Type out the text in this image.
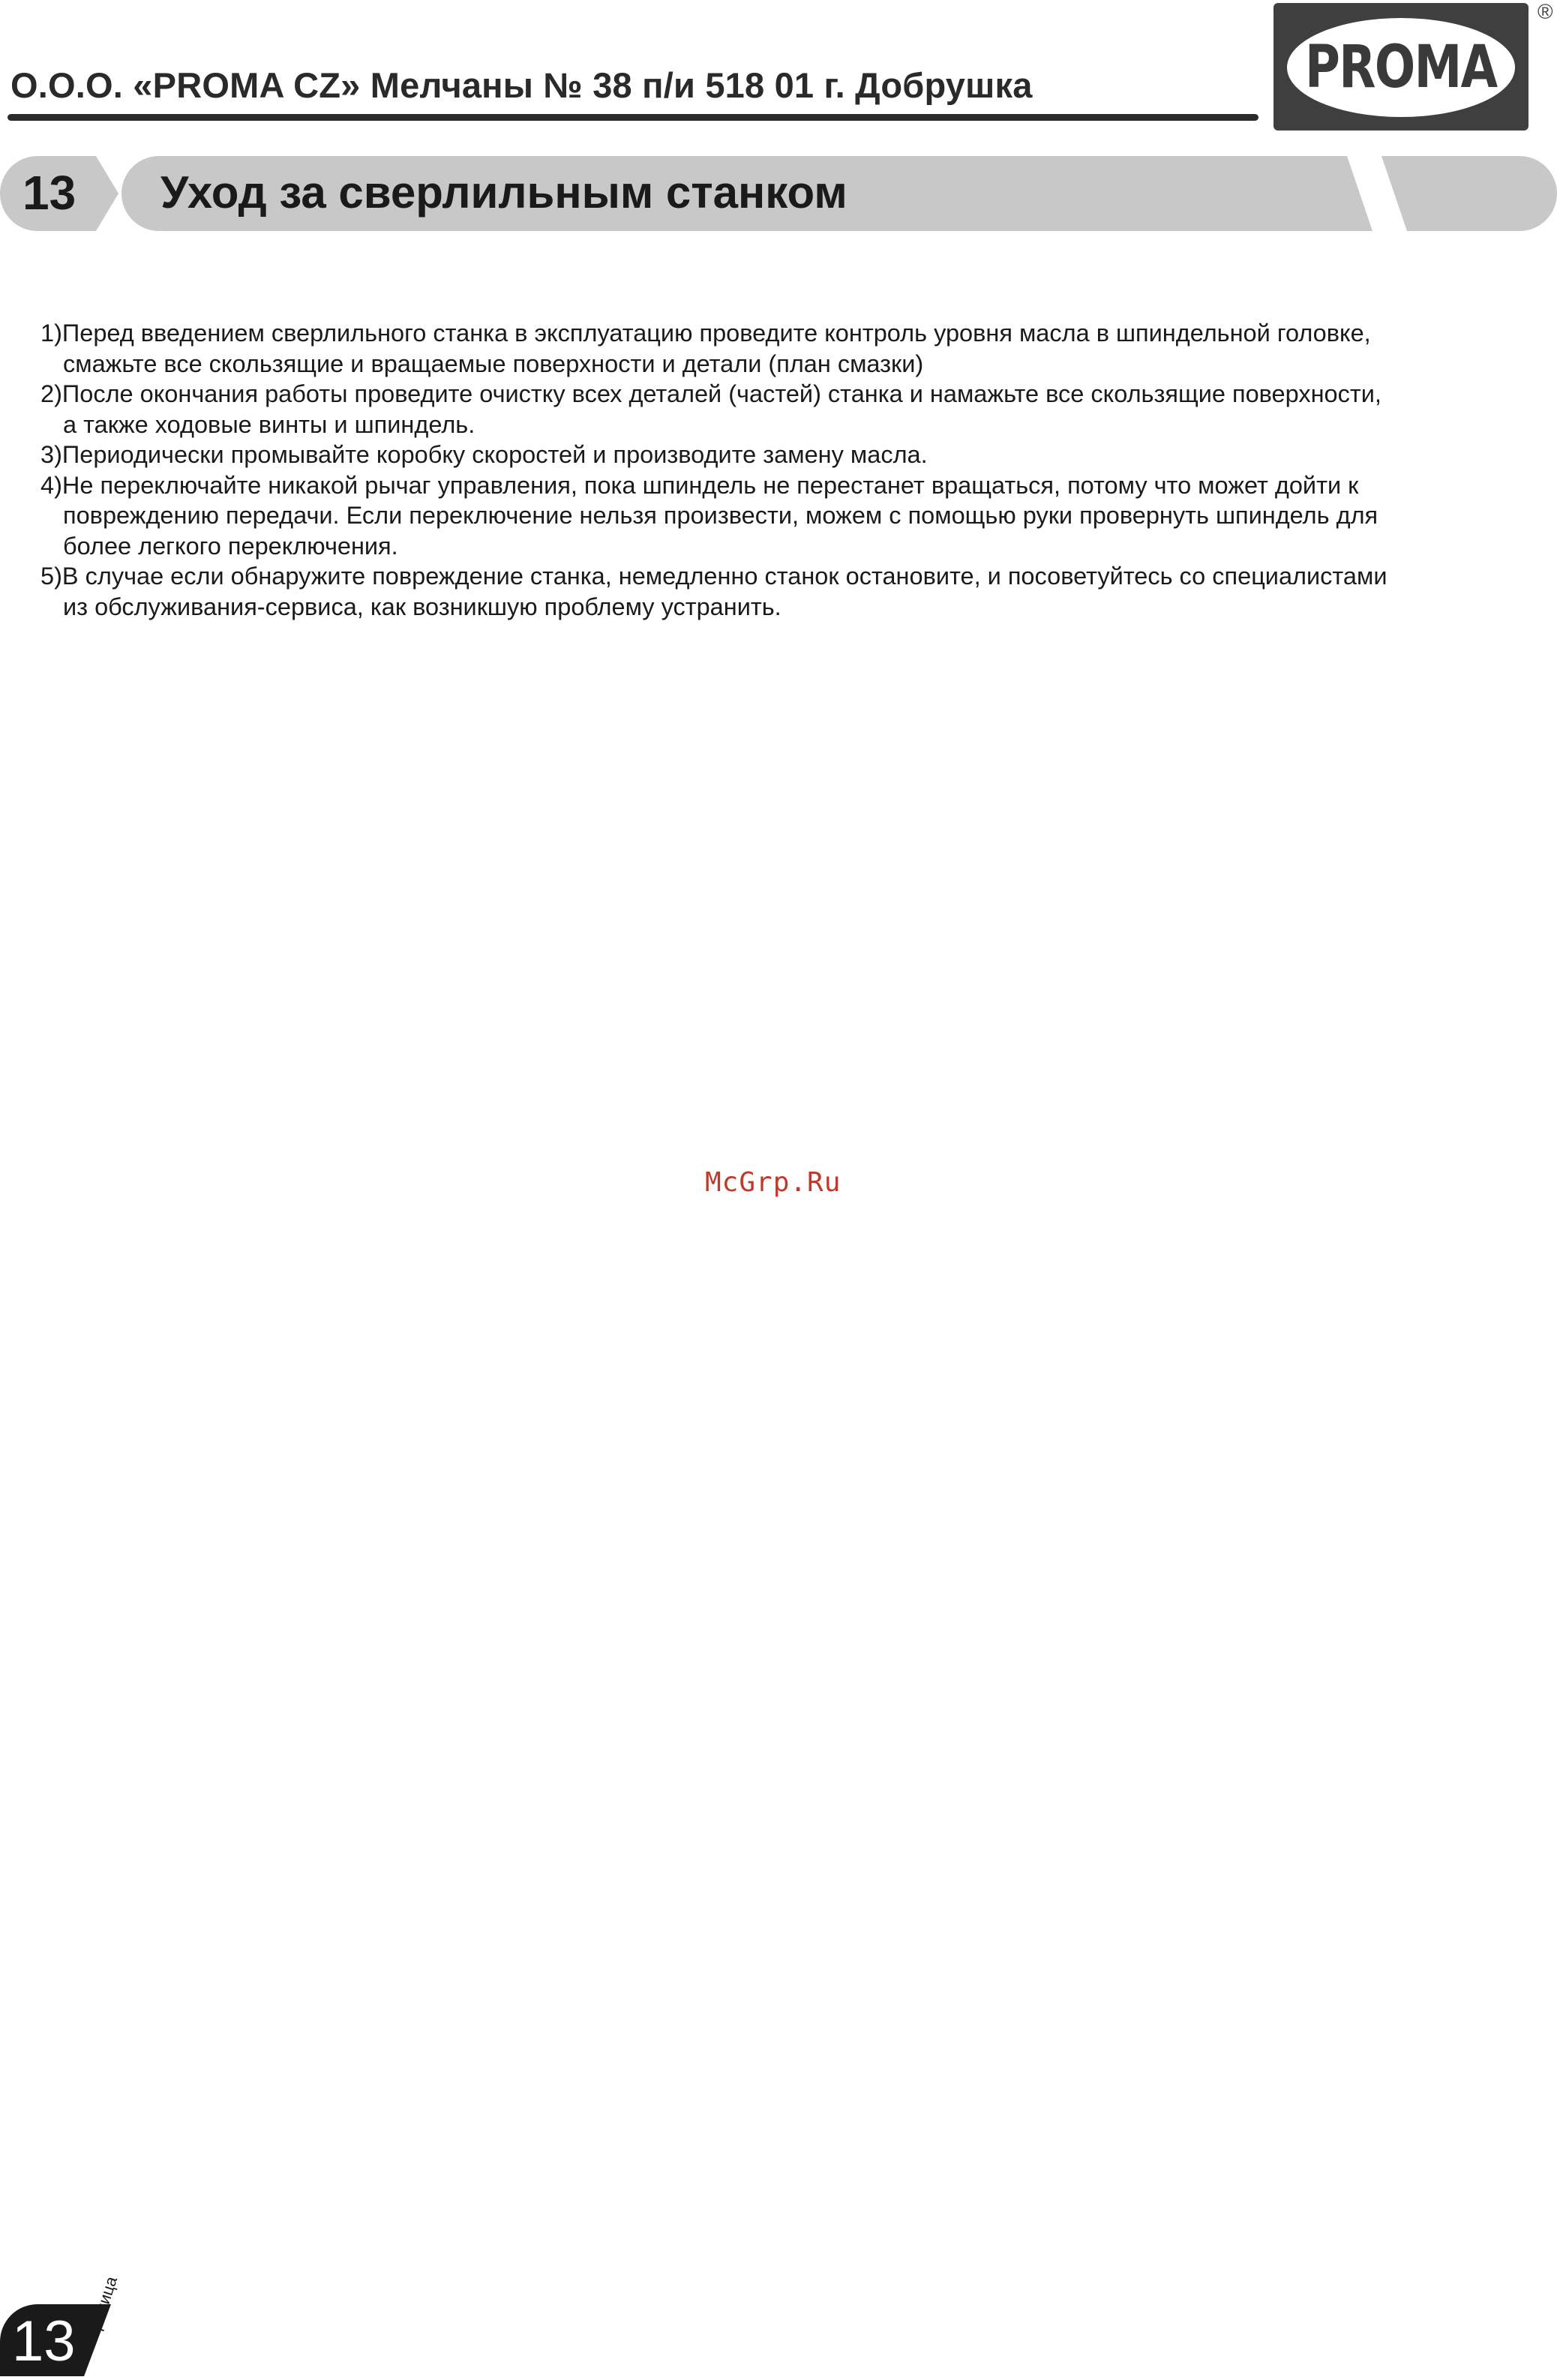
О.О.О. «PROMA CZ» Мелчаны № 38 п/и 518 01 г. Добрушка	PROMA
®
13 Уход за сверлильным станком
1)Перед введением сверлильного станка в эксплуатацию проведите контроль уровня масла в шпиндельной головке,
смажьте все скользящие и вращаемые поверхности и детали (план смазки)
2)После окончания работы проведите очистку всех деталей (частей) станка и намажьте все скользящие поверхности,
а также ходовые винты и шпиндель.
3)Периодически промывайте коробку скоростей и производите замену масла.
4)Не переключайте никакой рычаг управления, пока шпиндель не перестанет вращаться, потому что может дойти к
повреждению передачи. Если переключение нельзя произвести, можем с помощью руки провернуть шпиндель для
более легкого переключения.
5)В случае если обнаружите повреждение станка, немедленно станок остановите, и посоветуйтесь со специалистами
из обслуживания-сервиса, как возникшую проблему устранить.
McGrp.Ru
13 страница
